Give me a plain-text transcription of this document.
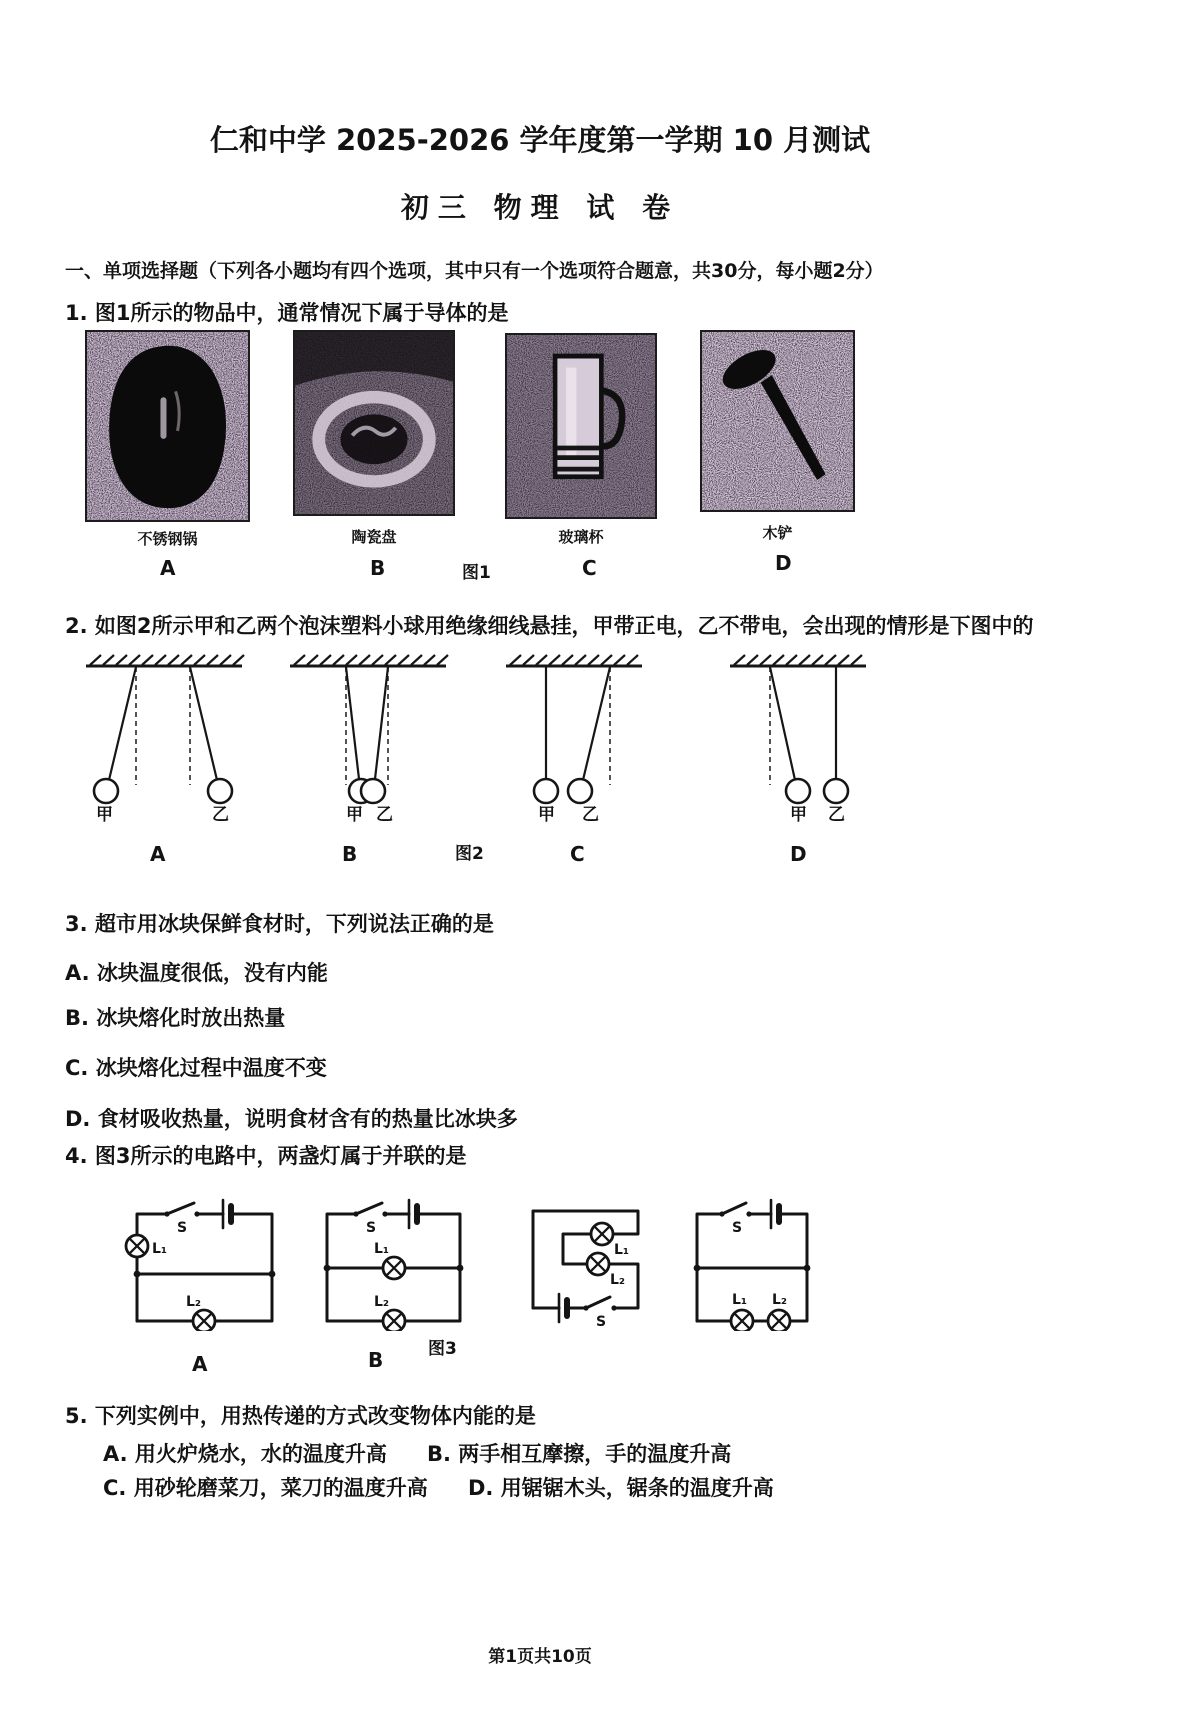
仁和中学 2025-2026 学年度第一学期 10 月测试
初三 物理 试 卷
一、单项选择题（下列各小题均有四个选项，其中只有一个选项符合题意，共30分，每小题2分）
1. 图1所示的物品中，通常情况下属于导体的是
不锈钢锅	陶瓷盘	玻璃杯	木铲
A	B	图1	C	D
2. 如图2所示甲和乙两个泡沫塑料小球用绝缘细线悬挂，甲带正电，乙不带电，会出现的情形是下图中的
甲	乙	甲 乙	甲 乙	甲 乙
A	B	图2	C	D
3. 超市用冰块保鲜食材时，下列说法正确的是
A. 冰块温度很低，没有内能
B. 冰块熔化时放出热量
C. 冰块熔化过程中温度不变
D. 食材吸收热量，说明食材含有的热量比冰块多
4. 图3所示的电路中，两盏灯属于并联的是
S
L₁
L₂
S
L₁
L₂
L₁
L₂
S
S
L₁ L₂
A	B	图3
5. 下列实例中，用热传递的方式改变物体内能的是
A. 用火炉烧水，水的温度升高 B. 两手相互摩擦，手的温度升高
C. 用砂轮磨菜刀，菜刀的温度升高 D. 用锯锯木头，锯条的温度升高
第1页共10页
